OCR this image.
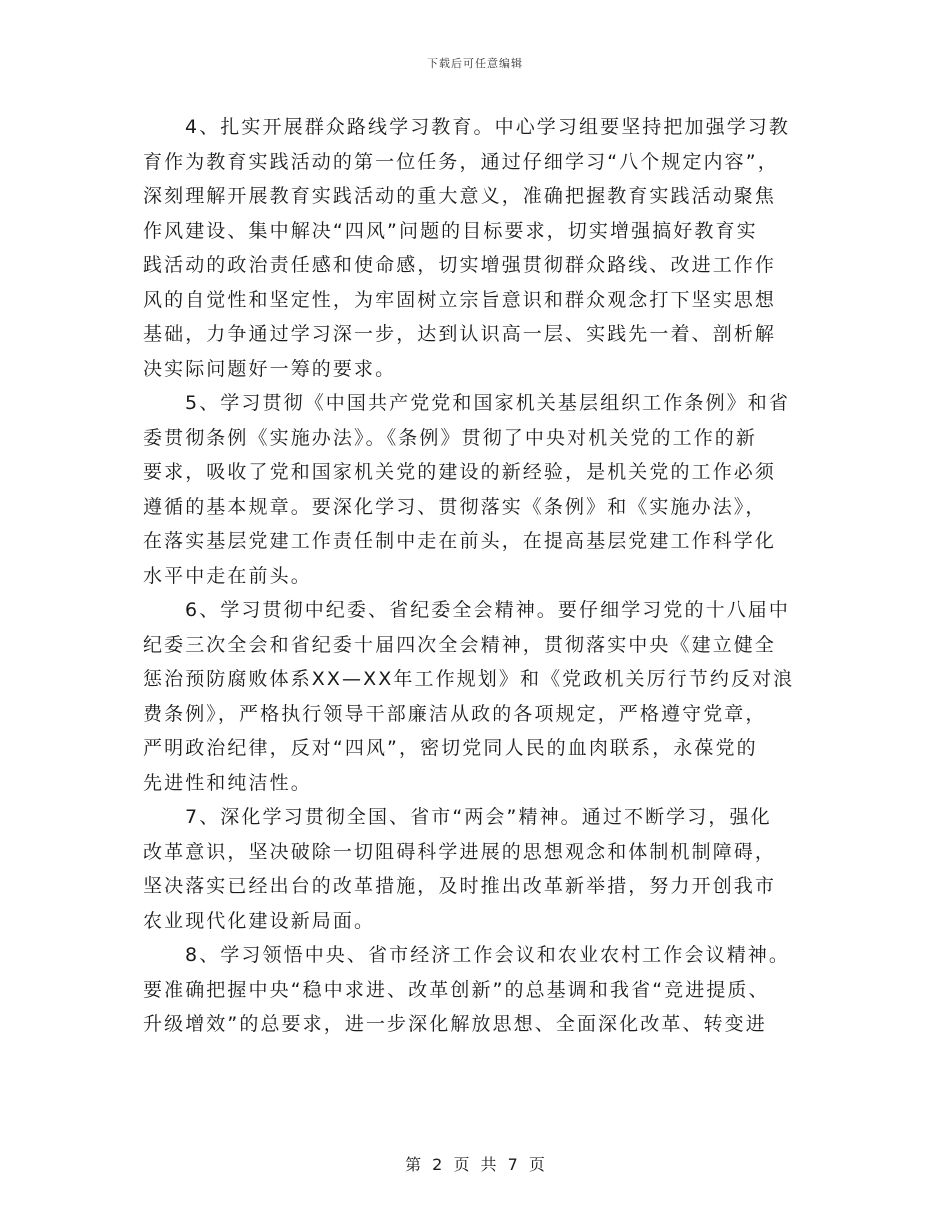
下载后可任意编辑
4、扎实开展群众路线学习教育。中心学习组要坚持把加强学习教
育作为教育实践活动的第一位任务，通过仔细学习“八个规定内容”，
深刻理解开展教育实践活动的重大意义，准确把握教育实践活动聚焦
作风建设、集中解决“四风”问题的目标要求，切实增强搞好教育实
践活动的政治责任感和使命感，切实增强贯彻群众路线、改进工作作
风的自觉性和坚定性，为牢固树立宗旨意识和群众观念打下坚实思想
基础，力争通过学习深一步，达到认识高一层、实践先一着、剖析解
决实际问题好一筹的要求。
5、学习贯彻《中国共产党党和国家机关基层组织工作条例》和省
委贯彻条例《实施办法》。《条例》贯彻了中央对机关党的工作的新
要求，吸收了党和国家机关党的建设的新经验，是机关党的工作必须
遵循的基本规章。要深化学习、贯彻落实《条例》和《实施办法》，
在落实基层党建工作责任制中走在前头，在提高基层党建工作科学化
水平中走在前头。
6、学习贯彻中纪委、省纪委全会精神。要仔细学习党的十八届中
纪委三次全会和省纪委十届四次全会精神，贯彻落实中央《建立健全
惩治预防腐败体系XX—XX年工作规划》和《党政机关厉行节约反对浪
费条例》，严格执行领导干部廉洁从政的各项规定，严格遵守党章，
严明政治纪律，反对“四风”，密切党同人民的血肉联系，永葆党的
先进性和纯洁性。
7、深化学习贯彻全国、省市“两会”精神。通过不断学习，强化
改革意识，坚决破除一切阻碍科学进展的思想观念和体制机制障碍，
坚决落实已经出台的改革措施，及时推出改革新举措，努力开创我市
农业现代化建设新局面。
8、学习领悟中央、省市经济工作会议和农业农村工作会议精神。
要准确把握中央“稳中求进、改革创新”的总基调和我省“竞进提质、
升级增效”的总要求，进一步深化解放思想、全面深化改革、转变进
第 2 页 共 7 页
